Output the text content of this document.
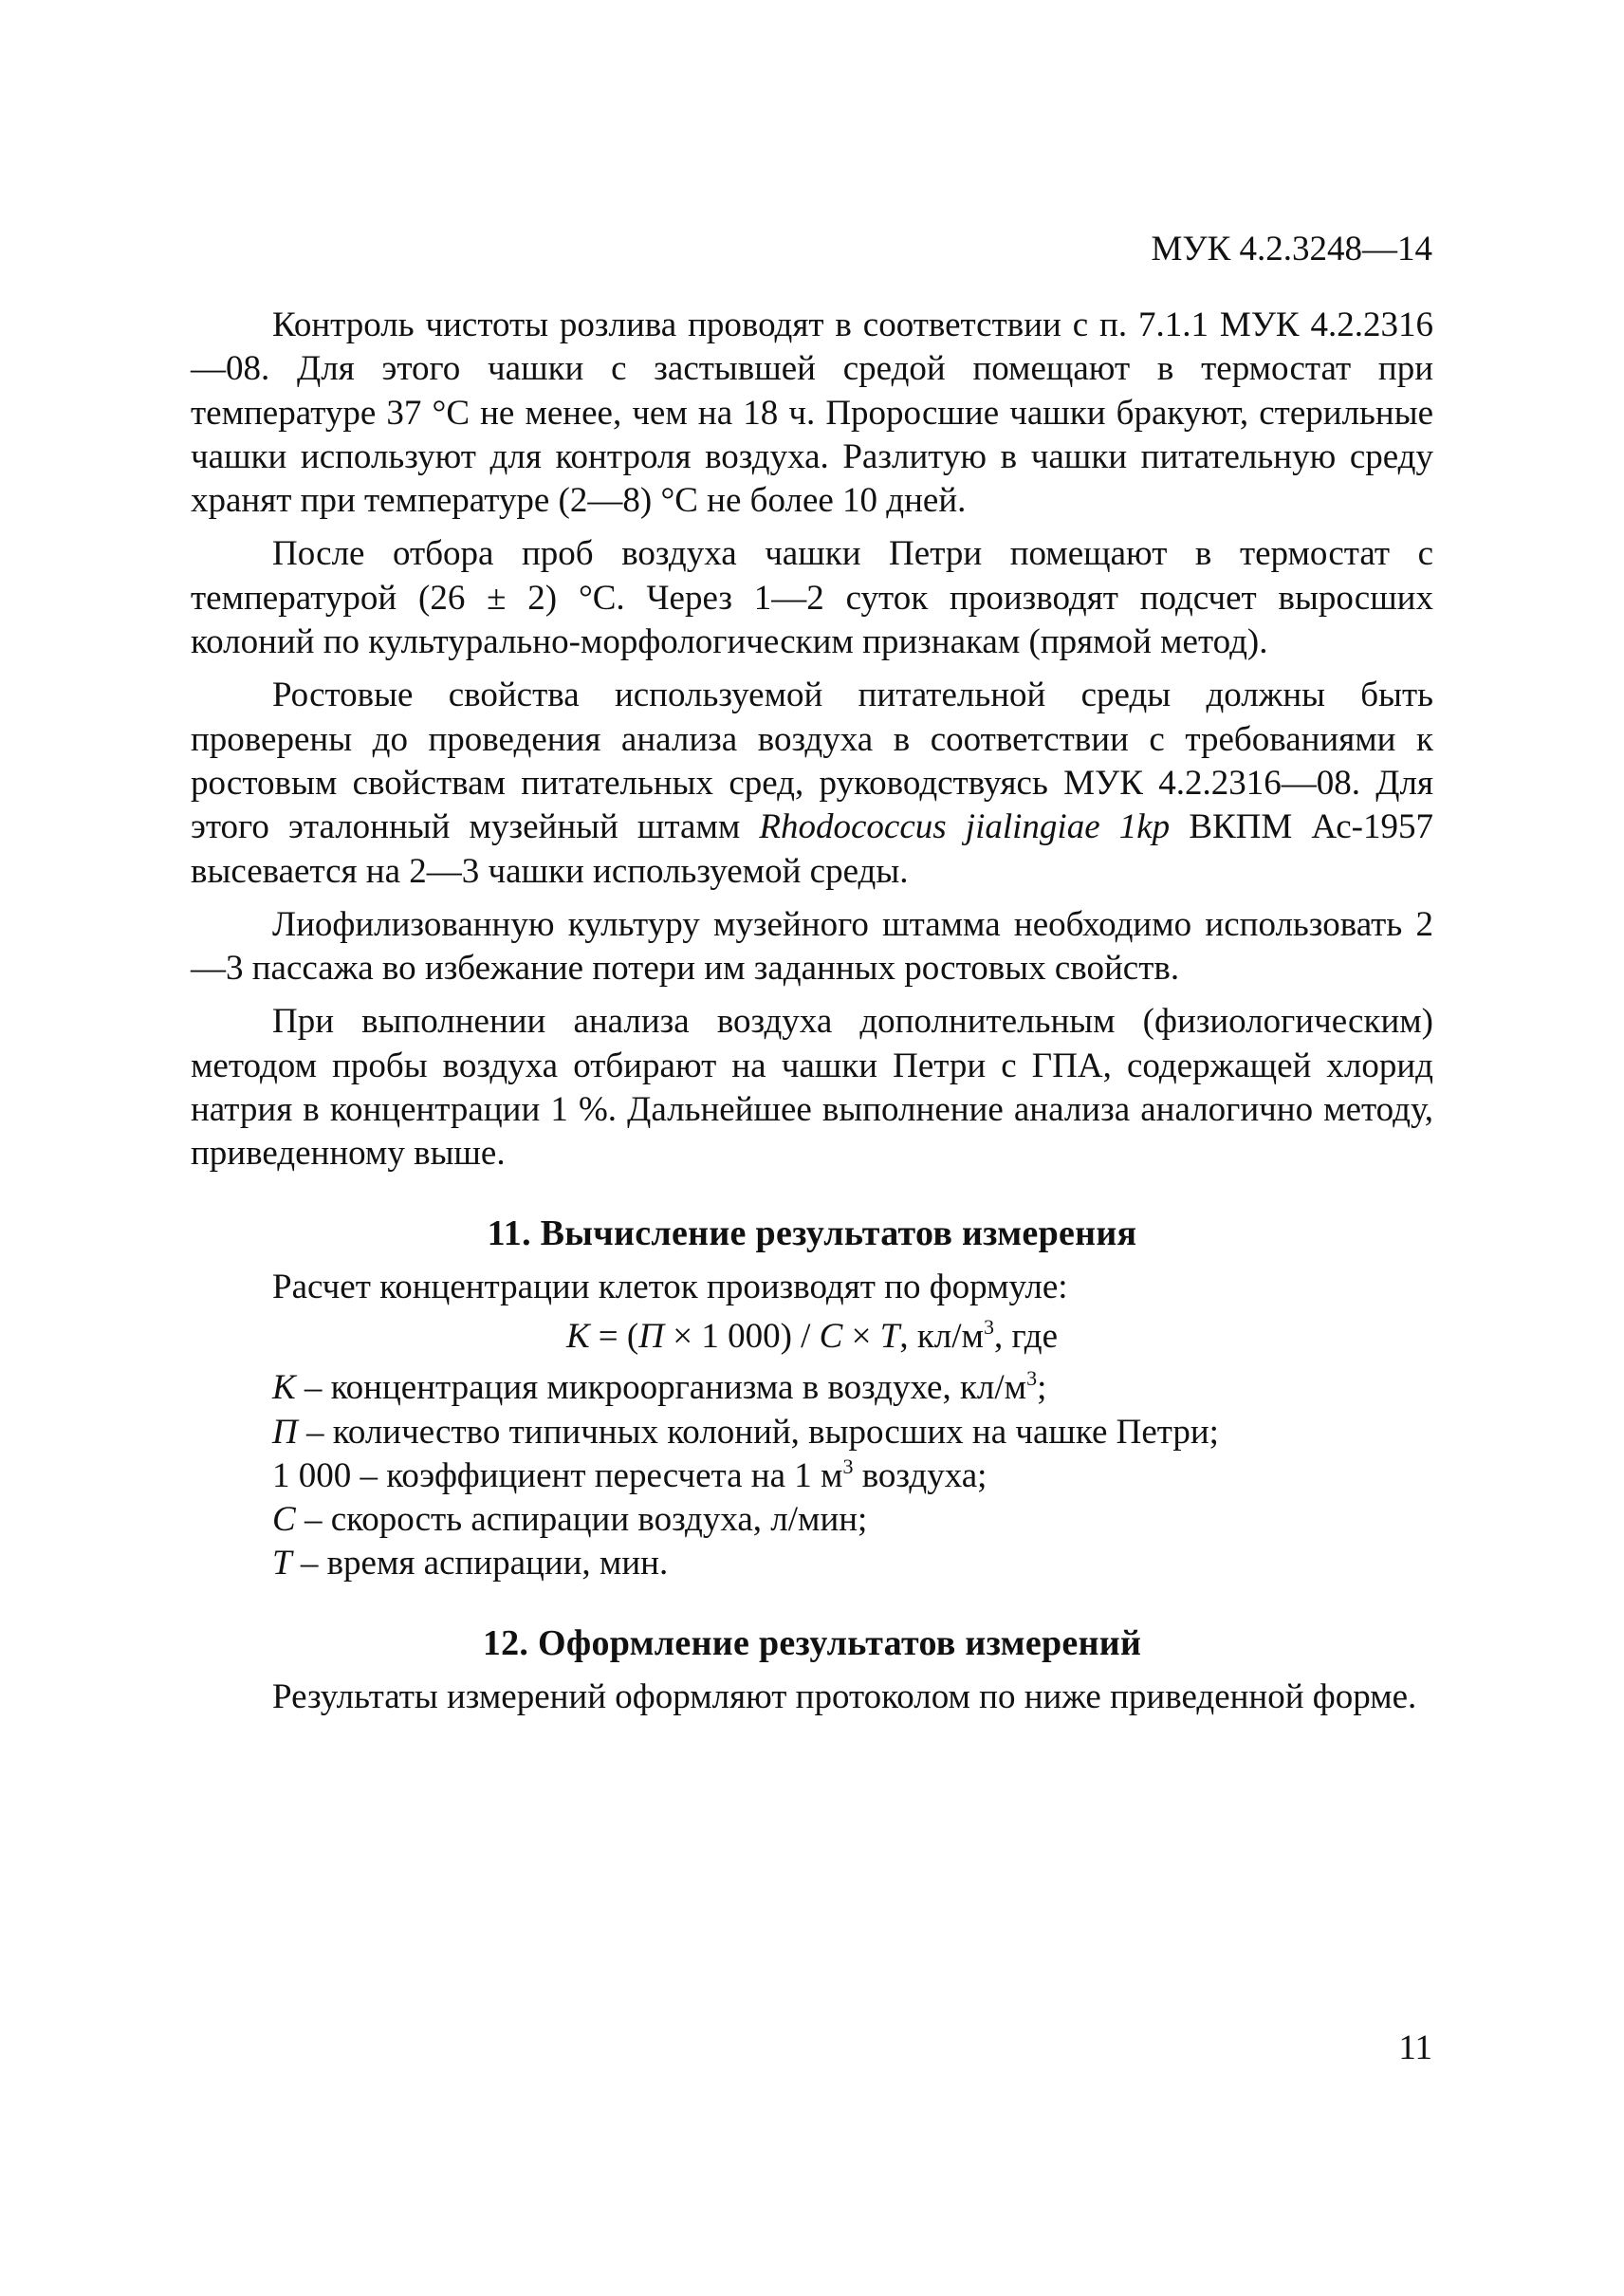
МУК 4.2.3248—14

Контроль чистоты розлива проводят в соответствии с п. 7.1.1 МУК 4.2.2316—08. Для этого чашки с застывшей средой помещают в термостат при температуре 37 °С не менее, чем на 18 ч. Проросшие чашки бракуют, стерильные чашки используют для контроля воздуха. Разлитую в чашки питательную среду хранят при температуре (2—8) °С не более 10 дней.

После отбора проб воздуха чашки Петри помещают в термостат с температурой (26 ± 2) °С. Через 1—2 суток производят подсчет выросших колоний по культурально-морфологическим признакам (прямой метод).

Ростовые свойства используемой питательной среды должны быть проверены до проведения анализа воздуха в соответствии с требованиями к ростовым свойствам питательных сред, руководствуясь МУК 4.2.2316—08. Для этого эталонный музейный штамм Rhodococcus jialingiae 1kp ВКПМ Ас-1957 высевается на 2—3 чашки используемой среды.

Лиофилизованную культуру музейного штамма необходимо использовать 2—3 пассажа во избежание потери им заданных ростовых свойств.

При выполнении анализа воздуха дополнительным (физиологическим) методом пробы воздуха отбирают на чашки Петри с ГПА, содержащей хлорид натрия в концентрации 1 %. Дальнейшее выполнение анализа аналогично методу, приведенному выше.

11. Вычисление результатов измерения

Расчет концентрации клеток производят по формуле:

К = (П × 1 000) / С × Т, $кл/м^3$, где

К – концентрация микроорганизма в воздухе, $кл/м^3$;
П – количество типичных колоний, выросших на чашке Петри;
1 000 – коэффициент пересчета на 1 $м^3$ воздуха;
С – скорость аспирации воздуха, л/мин;
Т – время аспирации, мин.
12. Оформление результатов измерений

Результаты измерений оформляют протоколом по ниже приведенной форме.

11
